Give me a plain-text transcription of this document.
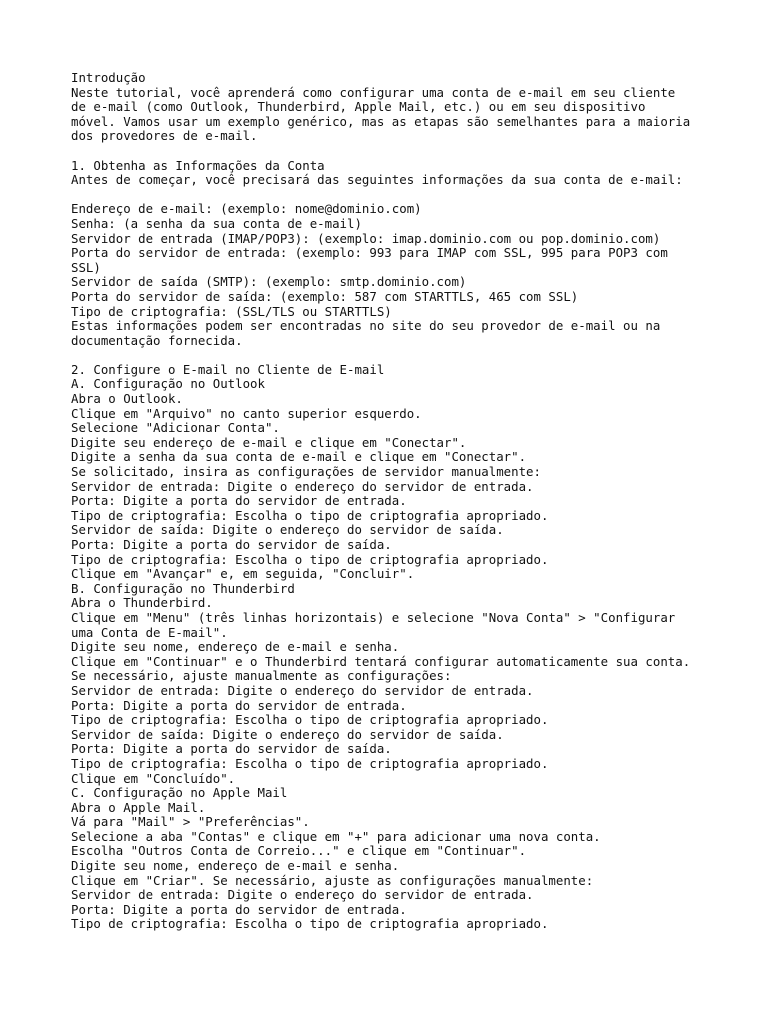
Introdução
Neste tutorial, você aprenderá como configurar uma conta de e-mail em seu cliente
de e-mail (como Outlook, Thunderbird, Apple Mail, etc.) ou em seu dispositivo
móvel. Vamos usar um exemplo genérico, mas as etapas são semelhantes para a maioria
dos provedores de e-mail.
1. Obtenha as Informações da Conta
Antes de começar, você precisará das seguintes informações da sua conta de e-mail:
Endereço de e-mail: (exemplo: nome@dominio.com)
Senha: (a senha da sua conta de e-mail)
Servidor de entrada (IMAP/POP3): (exemplo: imap.dominio.com ou pop.dominio.com)
Porta do servidor de entrada: (exemplo: 993 para IMAP com SSL, 995 para POP3 com
SSL)
Servidor de saída (SMTP): (exemplo: smtp.dominio.com)
Porta do servidor de saída: (exemplo: 587 com STARTTLS, 465 com SSL)
Tipo de criptografia: (SSL/TLS ou STARTTLS)
Estas informações podem ser encontradas no site do seu provedor de e-mail ou na
documentação fornecida.
2. Configure o E-mail no Cliente de E-mail
A. Configuração no Outlook
Abra o Outlook.
Clique em "Arquivo" no canto superior esquerdo.
Selecione "Adicionar Conta".
Digite seu endereço de e-mail e clique em "Conectar".
Digite a senha da sua conta de e-mail e clique em "Conectar".
Se solicitado, insira as configurações de servidor manualmente:
Servidor de entrada: Digite o endereço do servidor de entrada.
Porta: Digite a porta do servidor de entrada.
Tipo de criptografia: Escolha o tipo de criptografia apropriado.
Servidor de saída: Digite o endereço do servidor de saída.
Porta: Digite a porta do servidor de saída.
Tipo de criptografia: Escolha o tipo de criptografia apropriado.
Clique em "Avançar" e, em seguida, "Concluir".
B. Configuração no Thunderbird
Abra o Thunderbird.
Clique em "Menu" (três linhas horizontais) e selecione "Nova Conta" > "Configurar
uma Conta de E-mail".
Digite seu nome, endereço de e-mail e senha.
Clique em "Continuar" e o Thunderbird tentará configurar automaticamente sua conta.
Se necessário, ajuste manualmente as configurações:
Servidor de entrada: Digite o endereço do servidor de entrada.
Porta: Digite a porta do servidor de entrada.
Tipo de criptografia: Escolha o tipo de criptografia apropriado.
Servidor de saída: Digite o endereço do servidor de saída.
Porta: Digite a porta do servidor de saída.
Tipo de criptografia: Escolha o tipo de criptografia apropriado.
Clique em "Concluído".
C. Configuração no Apple Mail
Abra o Apple Mail.
Vá para "Mail" > "Preferências".
Selecione a aba "Contas" e clique em "+" para adicionar uma nova conta.
Escolha "Outros Conta de Correio..." e clique em "Continuar".
Digite seu nome, endereço de e-mail e senha.
Clique em "Criar". Se necessário, ajuste as configurações manualmente:
Servidor de entrada: Digite o endereço do servidor de entrada.
Porta: Digite a porta do servidor de entrada.
Tipo de criptografia: Escolha o tipo de criptografia apropriado.
